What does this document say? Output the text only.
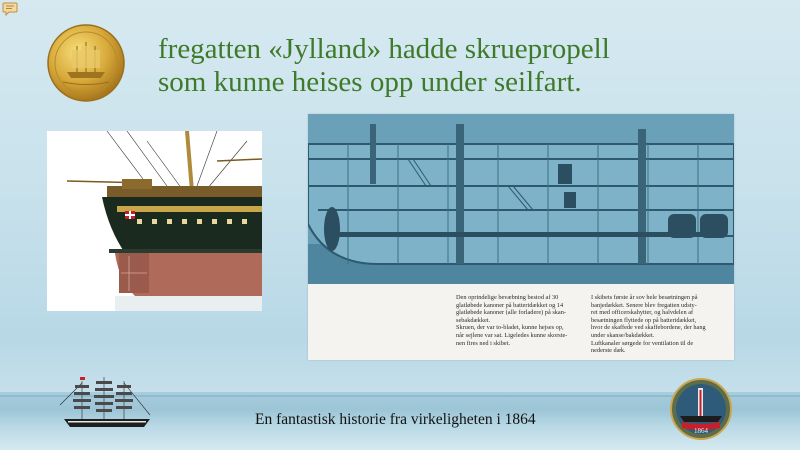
fregatten «Jylland» hadde skruepropell
som kunne heises opp under seilfart.
Den oprindelige bevæbning bestod af 30
glatløbede kanoner på batteridækket og 14
glatløbede kanoner (alle forladere) på skan-
sebakdækket.
Skruen, der var to-bladet, kunne hejses op,
når sejlene var sat. Ligeledes kunne skorste-
nen fires ned i skibet.
I skibets første år sov hele besætningen på
banjedækket. Senere blev fregatten udsty-
ret med officerskahytter, og halvdelen af
besætningen flyttede op på batteridækket,
hvor de skaffede ved skaffebordene, der hang
under skanse/bakdækket.
Luftkanaler sørgede for ventilation til de
nederste dæk.
En fantastisk historie fra virkeligheten i 1864
1864
